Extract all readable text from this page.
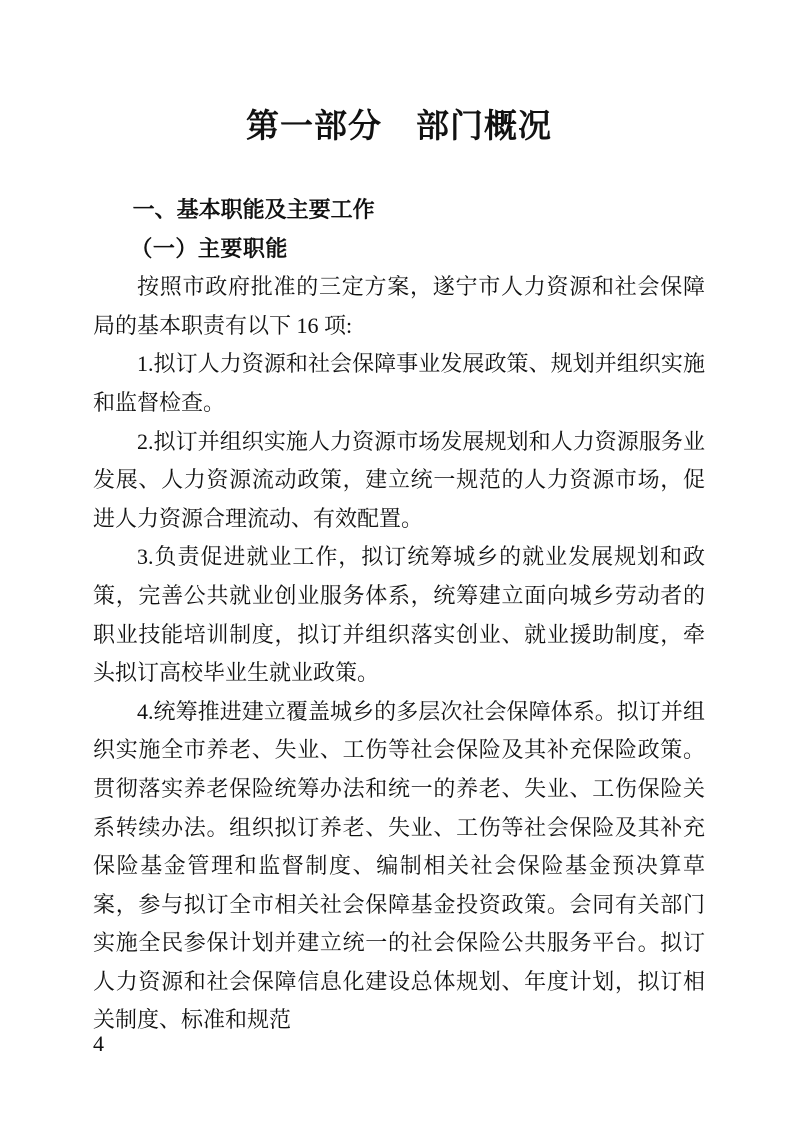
第一部分　部门概况
一、基本职能及主要工作
（一）主要职能

按照市政府批准的三定方案，遂宁市人力资源和社会保障局的基本职责有以下 16 项:

1.拟订人力资源和社会保障事业发展政策、规划并组织实施和监督检查。

2.拟订并组织实施人力资源市场发展规划和人力资源服务业发展、人力资源流动政策，建立统一规范的人力资源市场，促进人力资源合理流动、有效配置。

3.负责促进就业工作，拟订统筹城乡的就业发展规划和政策，完善公共就业创业服务体系，统筹建立面向城乡劳动者的职业技能培训制度，拟订并组织落实创业、就业援助制度，牵头拟订高校毕业生就业政策。

4.统筹推进建立覆盖城乡的多层次社会保障体系。拟订并组织实施全市养老、失业、工伤等社会保险及其补充保险政策。贯彻落实养老保险统筹办法和统一的养老、失业、工伤保险关系转续办法。组织拟订养老、失业、工伤等社会保险及其补充保险基金管理和监督制度、编制相关社会保险基金预决算草案，参与拟订全市相关社会保障基金投资政策。会同有关部门实施全民参保计划并建立统一的社会保险公共服务平台。拟订人力资源和社会保障信息化建设总体规划、年度计划，拟订相关制度、标准和规范

4
